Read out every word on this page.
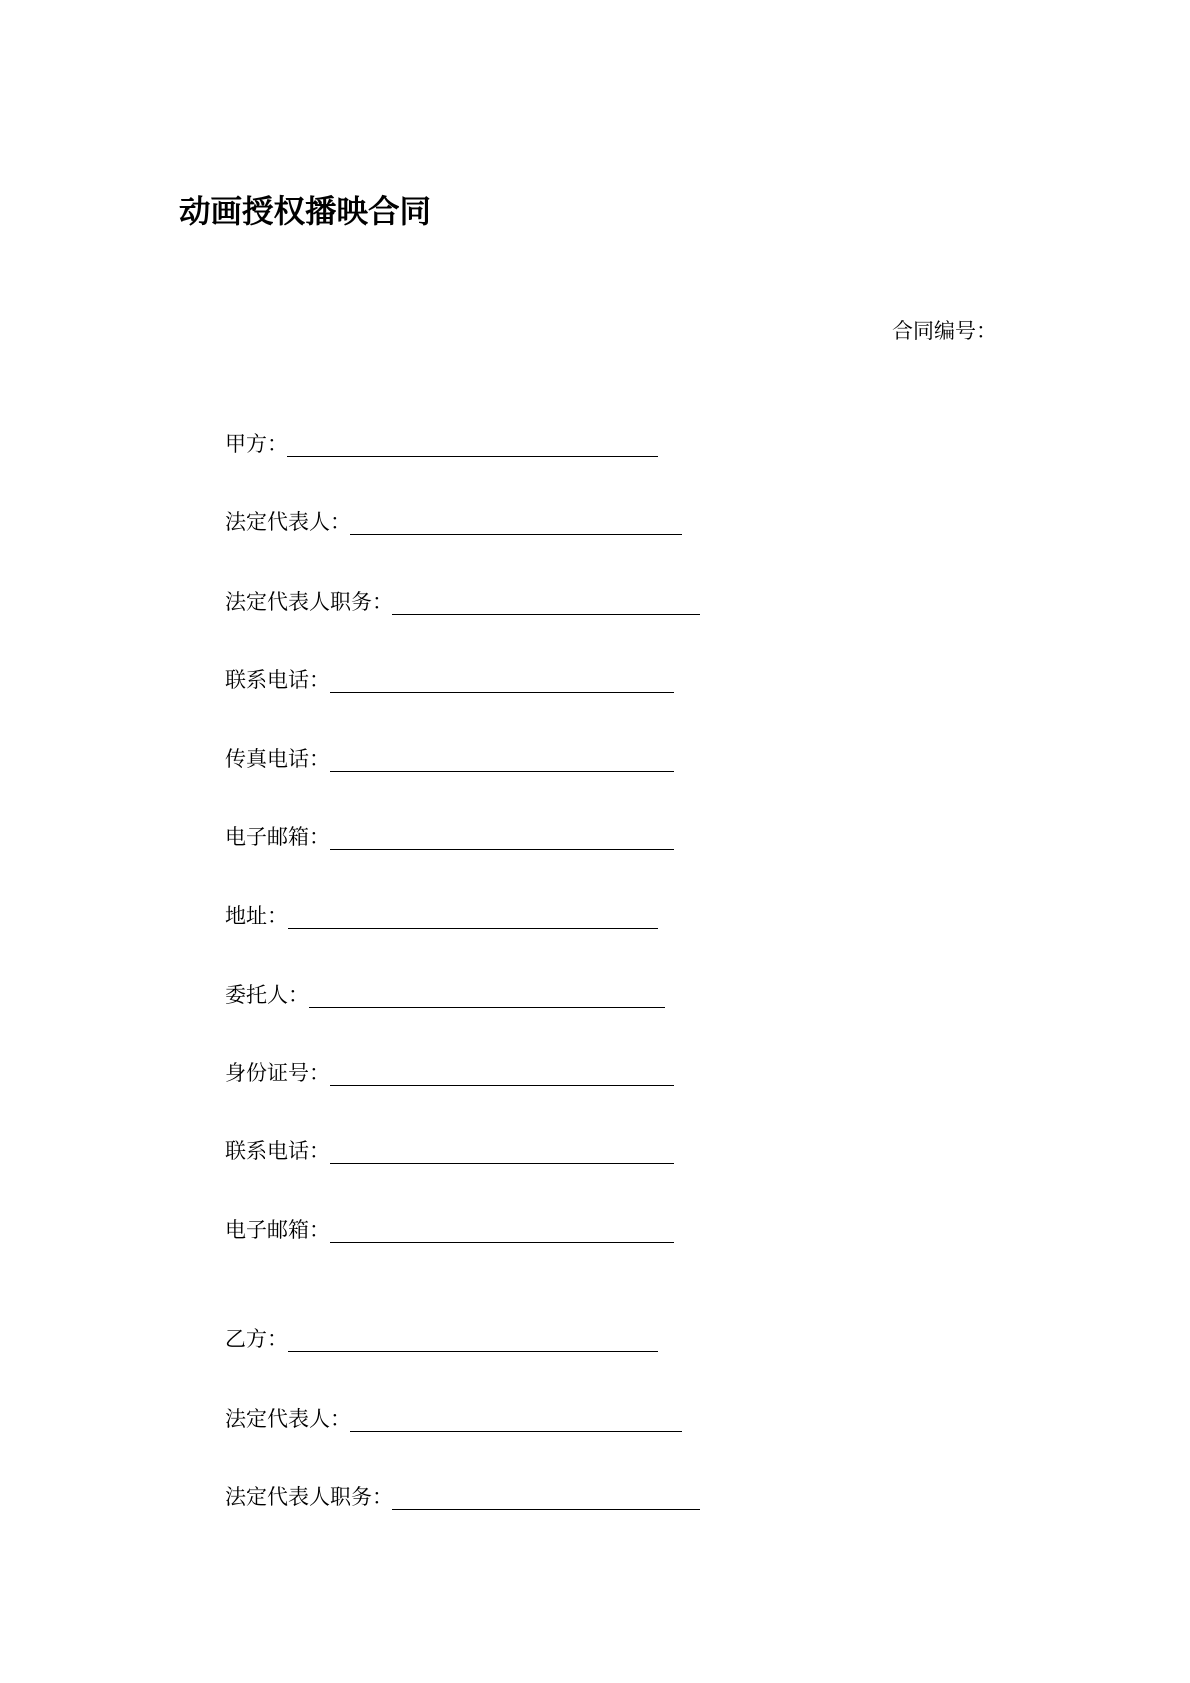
动画授权播映合同
合同编号：
甲方：
法定代表人：
法定代表人职务：
联系电话：
传真电话：
电子邮箱：
地址：
委托人：
身份证号：
联系电话：
电子邮箱：
乙方：
法定代表人：
法定代表人职务：
